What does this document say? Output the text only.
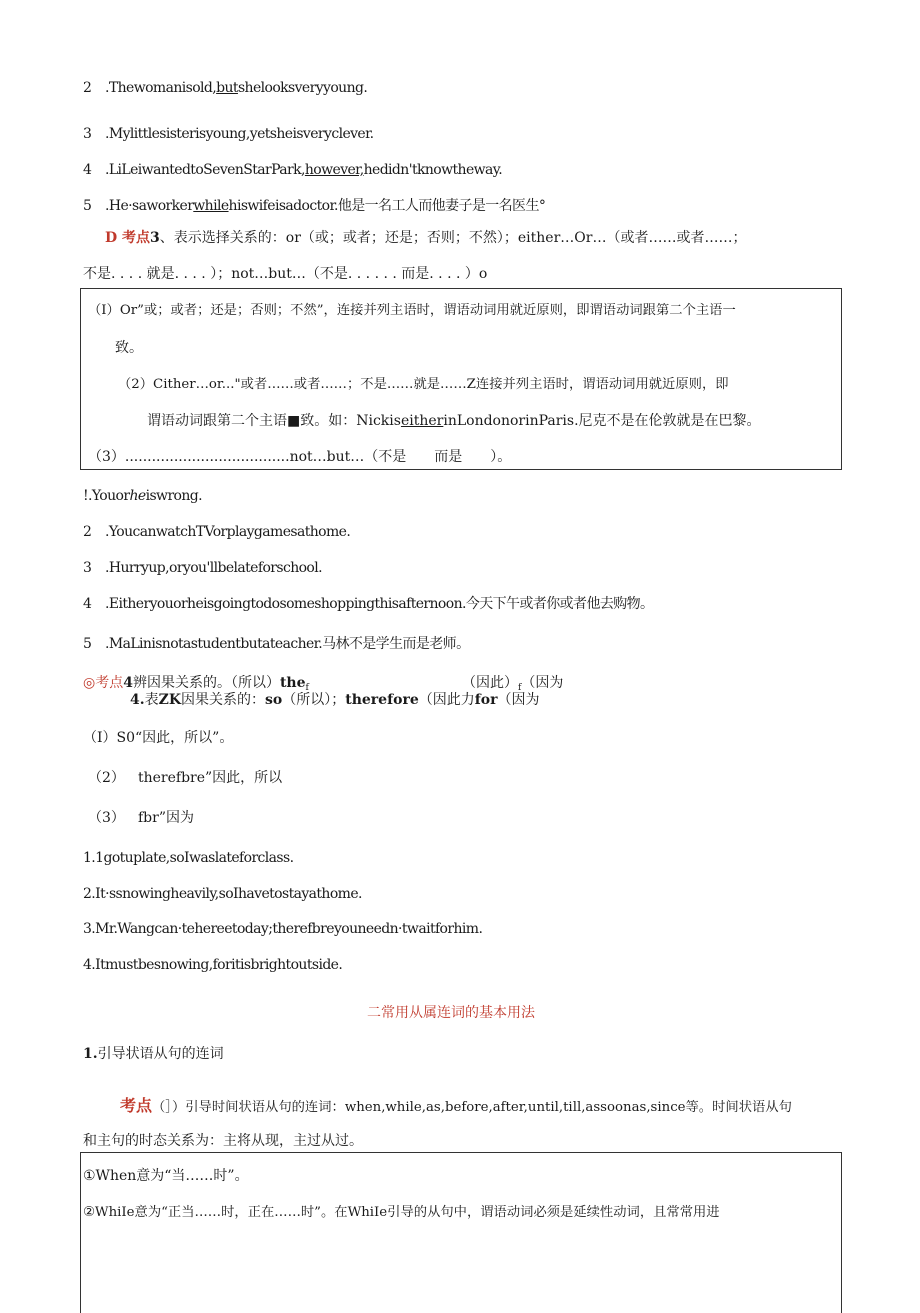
2 .Thewomanisold,butshelooksveryyoung.
3 .Mylittlesisterisyoung,yetsheisveryclever.
4 .LiLeiwantedtoSevenStarPark,however,hedidn'tknowtheway.
5 .He·saworkerwhilehiswifeisadoctor.他是一名工人而他妻子是一名医生°
D 考点3、表示选择关系的：or（或；或者；还是；否则；不然）；either…Or…（或者……或者……；
不是. . . . 就是. . . . ）；not…but…（不是. . . . . . 而是. . . . ）o
（I）Or”或；或者；还是；否则；不然”，连接并列主语时，谓语动词用就近原则，即谓语动词跟第二个主语一
致。
（2）Cither…or..."或者……或者……；不是……就是……Z连接并列主语时，谓语动词用就近原则，即
谓语动词跟第二个主语■致。如：NickiseitherinLondonorinParis.尼克不是在伦敦就是在巴黎。
（3）.....................................not…but…（不是　　而是　　）。
!.Youorheiswrong.
2 .YoucanwatchTVorplaygamesathome.
3 .Hurryup,oryou'llbelateforschool.
4 .Eitheryouorheisgoingtodosomeshoppingthisafternoon.今天下午或者你或者他去购物。
5 .MaLinisnotastudentbutateacher.马林不是学生而是老师。
◎考点4辨因果关系的。（所以）the$_f$	（因此）$_f$（因为
4.表ZK因果关系的：so（所以）；therefore（因此力for（因为
（I）S0“因此，所以”。
（2） therefbre”因此，所以
（3） fbr”因为
1.1gotuplate,soIwaslateforclass.
2.It·ssnowingheavily,soIhavetostayathome.
3.Mr.Wangcan·tehereetoday;therefbreyouneedn·twaitforhim.
4.Itmustbesnowing,foritisbrightoutside.
二常用从属连词的基本用法
1.引导状语从句的连词
考点（］）引导时间状语从句的连词：when,while,as,before,after,until,till,assoonas,since等。时间状语从句
和主句的时态关系为：主将从现，主过从过。
①When意为“当……时”。
②WhiIe意为“正当……时，正在……时”。在WhiIe引导的从句中，谓语动词必须是延续性动词，且常常用进
